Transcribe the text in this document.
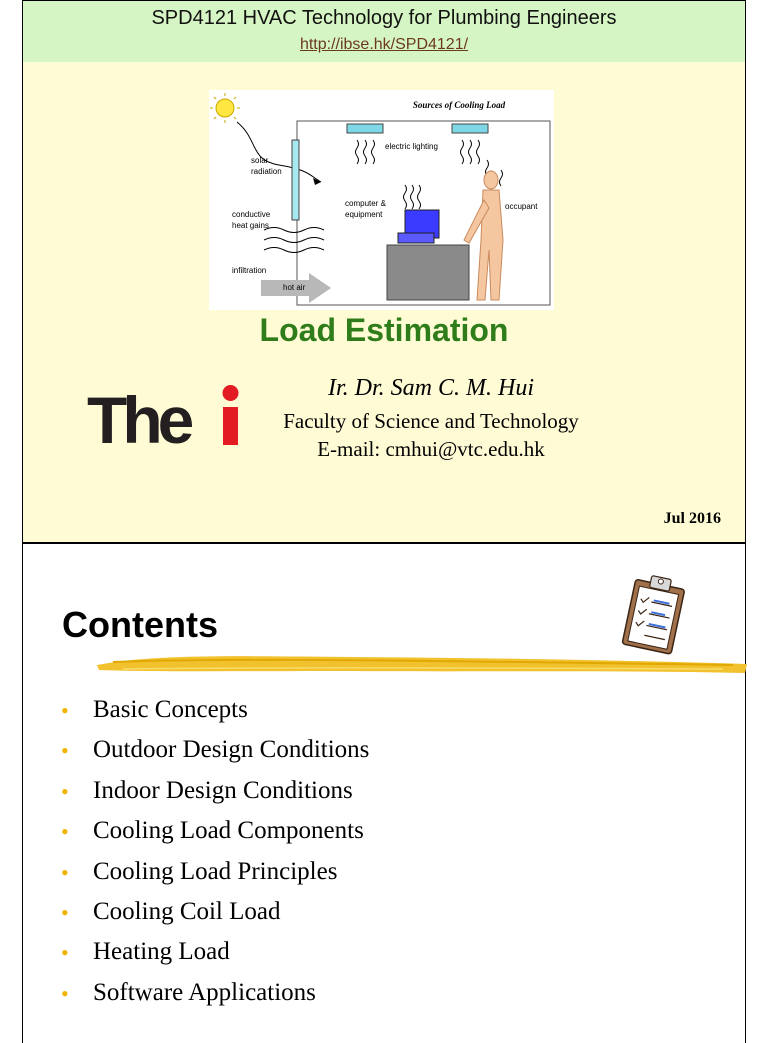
SPD4121 HVAC Technology for Plumbing Engineers
http://ibse.hk/SPD4121/
Sources of Cooling Load
electric lighting
solar
radiation
computer &
equipment
occupant
conductive
heat gains
infiltration
hot air
Load Estimation
The	Ir. Dr. Sam C. M. Hui
Faculty of Science and Technology
E-mail: cmhui@vtc.edu.hk
Jul 2016
Contents
• Basic Concepts
• Outdoor Design Conditions
• Indoor Design Conditions
• Cooling Load Components
• Cooling Load Principles
• Cooling Coil Load
• Heating Load
• Software Applications
